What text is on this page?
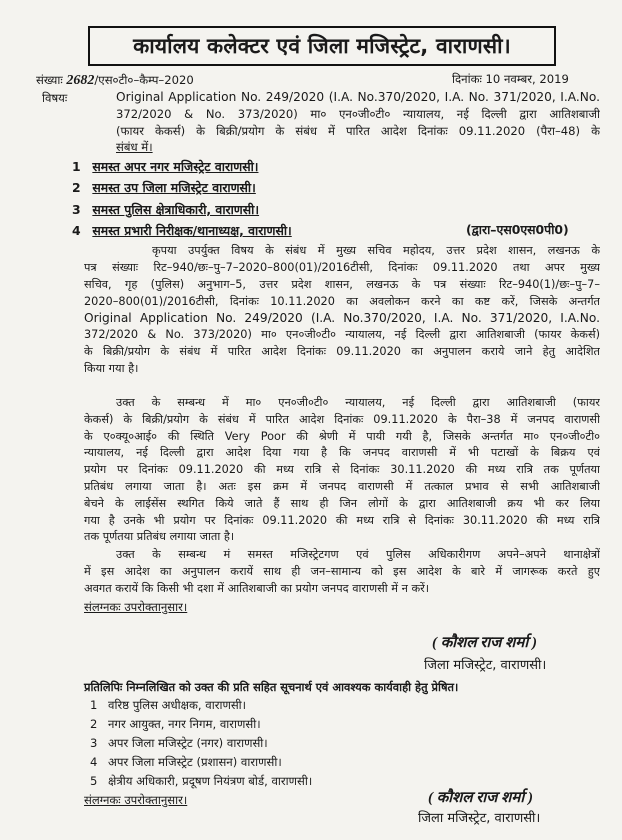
कार्यालय कलेक्टर एवं जिला मजिस्ट्रेट, वाराणसी।
संख्याः 2682/एस०टी०–कैम्प–2020	दिनांकः 10 नवम्बर, 2019
विषयः	Original Application No. 249/2020 (I.A. No.370/2020, I.A. No. 371/2020, I.A.No.
372/2020 & No. 373/2020) मा० एन०जी०टी० न्यायालय, नई दिल्ली द्वारा आतिशबाजी
(फायर केकर्स) के बिक्री/प्रयोग के संबंध में पारित आदेश दिनांकः 09.11.2020 (पैरा–48) के
संबंध में।
1 समस्त अपर नगर मजिस्ट्रेट वाराणसी।
2 समस्त उप जिला मजिस्ट्रेट वाराणसी।
3 समस्त पुलिस क्षेत्राधिकारी, वाराणसी।
4 समस्त प्रभारी निरीक्षक/थानाध्यक्ष, वाराणसी।	(द्वारा–एस0एस0पी0)
कृपया उपर्युक्त विषय के संबंध में मुख्य सचिव महोदय, उत्तर प्रदेश शासन, लखनऊ के
पत्र संख्याः रिट–940/छः–पु–7–2020–800(01)/2016टीसी, दिनांकः 09.11.2020 तथा अपर मुख्य
सचिव, गृह (पुलिस) अनुभाग–5, उत्तर प्रदेश शासन, लखनऊ के पत्र संख्याः रिट–940(1)/छः–पु–7–
2020–800(01)/2016टीसी, दिनांकः 10.11.2020 का अवलोकन करने का कष्ट करें, जिसके अन्तर्गत
Original Application No. 249/2020 (I.A. No.370/2020, I.A. No. 371/2020, I.A.No.
372/2020 & No. 373/2020) मा० एन०जी०टी० न्यायालय, नई दिल्ली द्वारा आतिशबाजी (फायर केकर्स)
के बिक्री/प्रयोग के संबंध में पारित आदेश दिनांकः 09.11.2020 का अनुपालन कराये जाने हेतु आदेशित
किया गया है।
उक्त के सम्बन्ध में मा० एन०जी०टी० न्यायालय, नई दिल्ली द्वारा आतिशबाजी (फायर
केकर्स) के बिक्री/प्रयोग के संबंध में पारित आदेश दिनांकः 09.11.2020 के पैरा–38 में जनपद वाराणसी
के ए०क्यू०आई० की स्थिति Very Poor की श्रेणी में पायी गयी है, जिसके अन्तर्गत मा० एन०जी०टी०
न्यायालय, नई दिल्ली द्वारा आदेश दिया गया है कि जनपद वाराणसी में भी पटाखों के बिक्रय एवं
प्रयोग पर दिनांकः 09.11.2020 की मध्य रात्रि से दिनांकः 30.11.2020 की मध्य रात्रि तक पूर्णतया
प्रतिबंध लगाया जाता है। अतः इस क्रम में जनपद वाराणसी में तत्काल प्रभाव से सभी आतिशबाजी
बेचने के लाईसेंस स्थगित किये जाते हैं साथ ही जिन लोगों के द्वारा आतिशबाजी क्रय भी कर लिया
गया है उनके भी प्रयोग पर दिनांकः 09.11.2020 की मध्य रात्रि से दिनांकः 30.11.2020 की मध्य रात्रि
तक पूर्णतया प्रतिबंध लगाया जाता है।
उक्त के सम्बन्ध मं समस्त मजिस्ट्रेटगण एवं पुलिस अधिकारीगण अपने–अपने थानाक्षेत्रों
में इस आदेश का अनुपालन करायें साथ ही जन–सामान्य को इस आदेश के बारे में जागरूक करते हुए
अवगत करायें कि किसी भी दशा में आतिशबाजी का प्रयोग जनपद वाराणसी में न करें।
संलग्नकः उपरोक्तानुसार।
( कौशल राज शर्मा )
जिला मजिस्ट्रेट, वाराणसी।
प्रतिलिपिः निम्नलिखित को उक्त की प्रति सहित सूचनार्थ एवं आवश्यक कार्यवाही हेतु प्रेषित।
1 वरिष्ठ पुलिस अधीक्षक, वाराणसी।
2 नगर आयुक्त, नगर निगम, वाराणसी।
3 अपर जिला मजिस्ट्रेट (नगर) वाराणसी।
4 अपर जिला मजिस्ट्रेट (प्रशासन) वाराणसी।
5 क्षेत्रीय अधिकारी, प्रदूषण नियंत्रण बोर्ड, वाराणसी।
संलग्नकः उपरोक्तानुसार।	( कौशल राज शर्मा )
जिला मजिस्ट्रेट, वाराणसी।
